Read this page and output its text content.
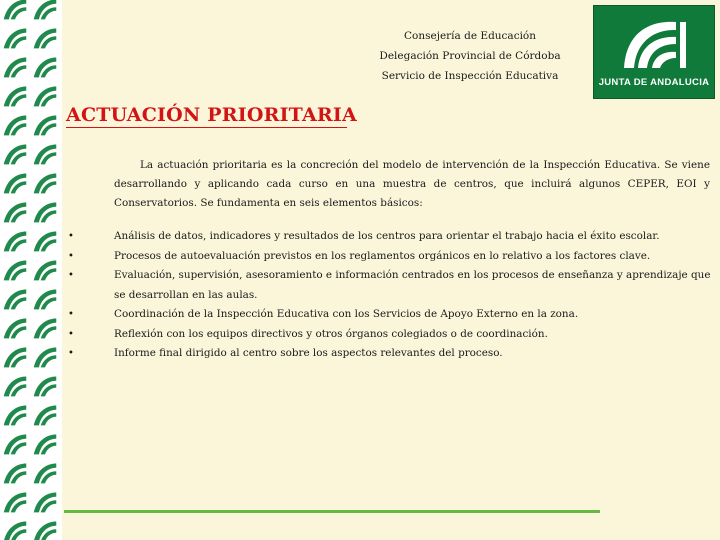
Consejería de Educación
Delegación Provincial de Córdoba
Servicio de Inspección Educativa
JUNTA DE ANDALUCIA
ACTUACIÓN PRIORITARIA

La actuación prioritaria es la concreción del modelo de intervención de la Inspección Educativa. Se viene desarrollando y aplicando cada curso en una muestra de centros, que incluirá algunos CEPER, EOI y Conservatorios. Se fundamenta en seis elementos básicos:

•	Análisis de datos, indicadores y resultados de los centros para orientar el trabajo hacia el éxito escolar.
•	Procesos de autoevaluación previstos en los reglamentos orgánicos en lo relativo a los factores clave.
•	Evaluación, supervisión, asesoramiento e información centrados en los procesos de enseñanza y aprendizaje que se desarrollan en las aulas.
•	Coordinación de la Inspección Educativa con los Servicios de Apoyo Externo en la zona.
•	Reflexión con los equipos directivos y otros órganos colegiados o de coordinación.
•	Informe final dirigido al centro sobre los aspectos relevantes del proceso.
